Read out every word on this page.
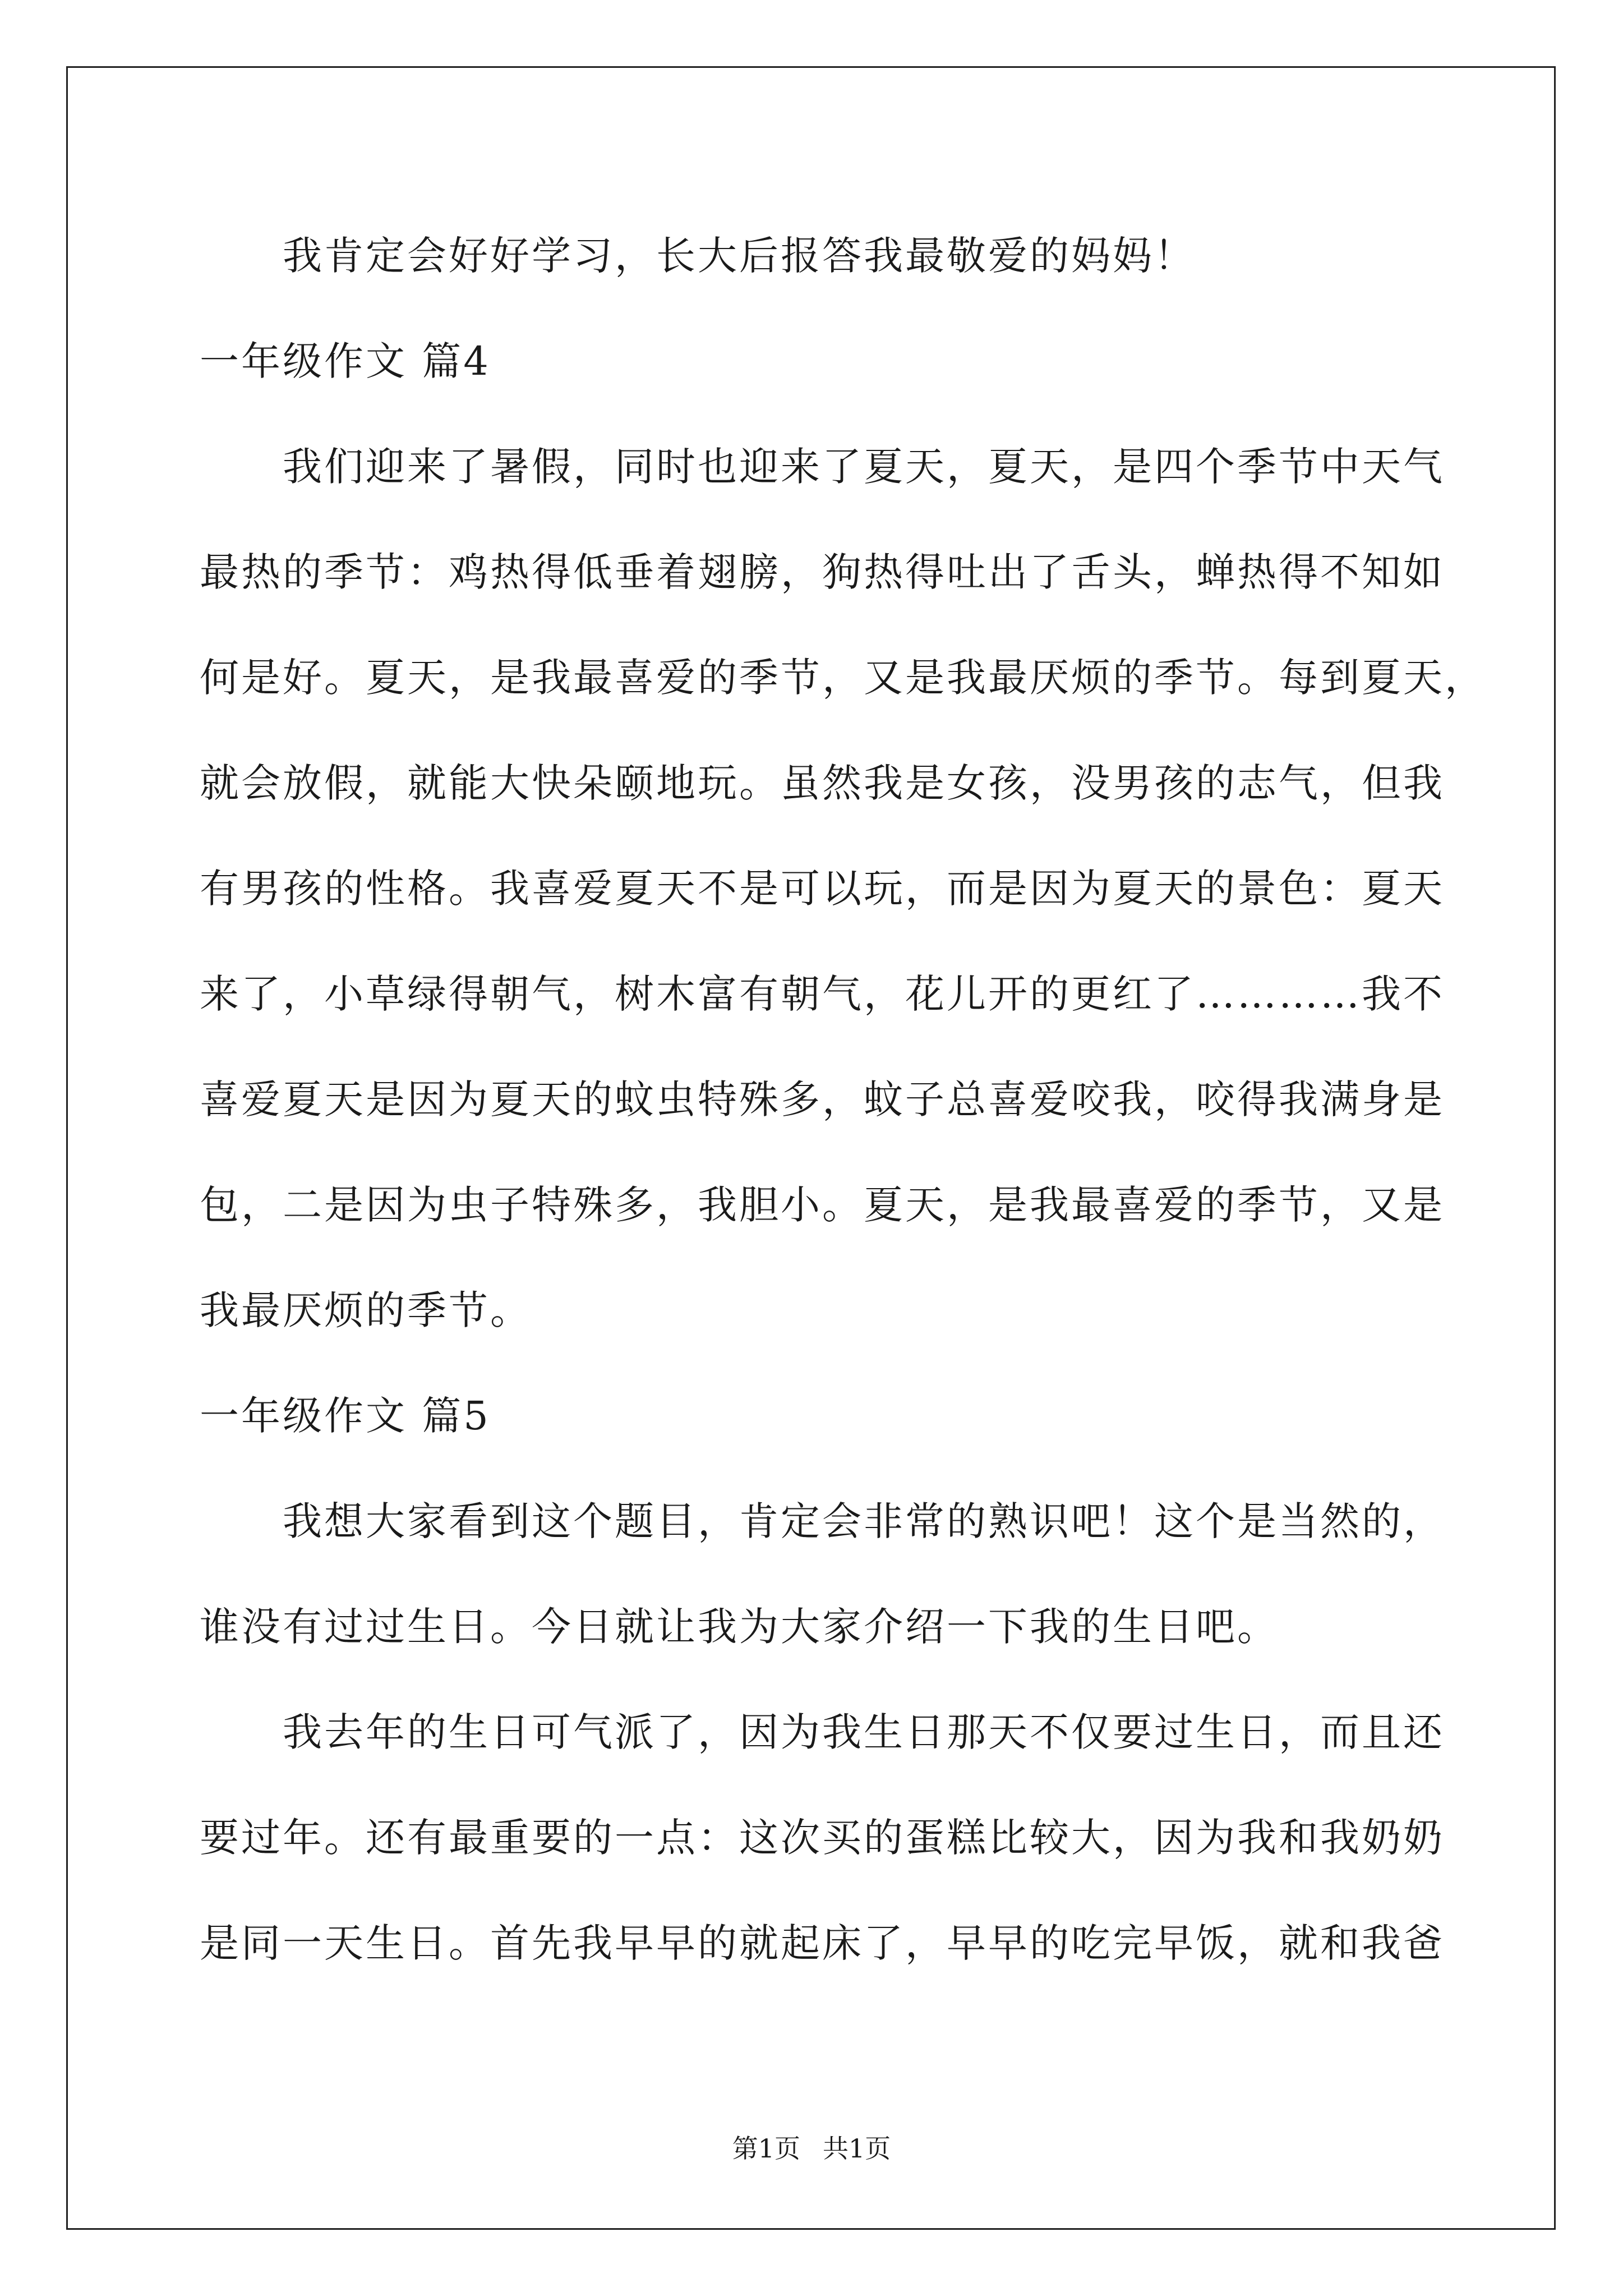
我肯定会好好学习，长大后报答我最敬爱的妈妈！
一年级作文 篇4
我们迎来了暑假，同时也迎来了夏天，夏天，是四个季节中天气
最热的季节：鸡热得低垂着翅膀，狗热得吐出了舌头，蝉热得不知如
何是好。夏天，是我最喜爱的季节，又是我最厌烦的季节。每到夏天，
就会放假，就能大快朵颐地玩。虽然我是女孩，没男孩的志气，但我
有男孩的性格。我喜爱夏天不是可以玩，而是因为夏天的景色：夏天
来了，小草绿得朝气，树木富有朝气，花儿开的更红了…………我不
喜爱夏天是因为夏天的蚊虫特殊多，蚊子总喜爱咬我，咬得我满身是
包，二是因为虫子特殊多，我胆小。夏天，是我最喜爱的季节，又是
我最厌烦的季节。
一年级作文 篇5
我想大家看到这个题目，肯定会非常的熟识吧！这个是当然的，
谁没有过过生日。今日就让我为大家介绍一下我的生日吧。
我去年的生日可气派了，因为我生日那天不仅要过生日，而且还
要过年。还有最重要的一点：这次买的蛋糕比较大，因为我和我奶奶
是同一天生日。首先我早早的就起床了，早早的吃完早饭，就和我爸
第1页 共1页
